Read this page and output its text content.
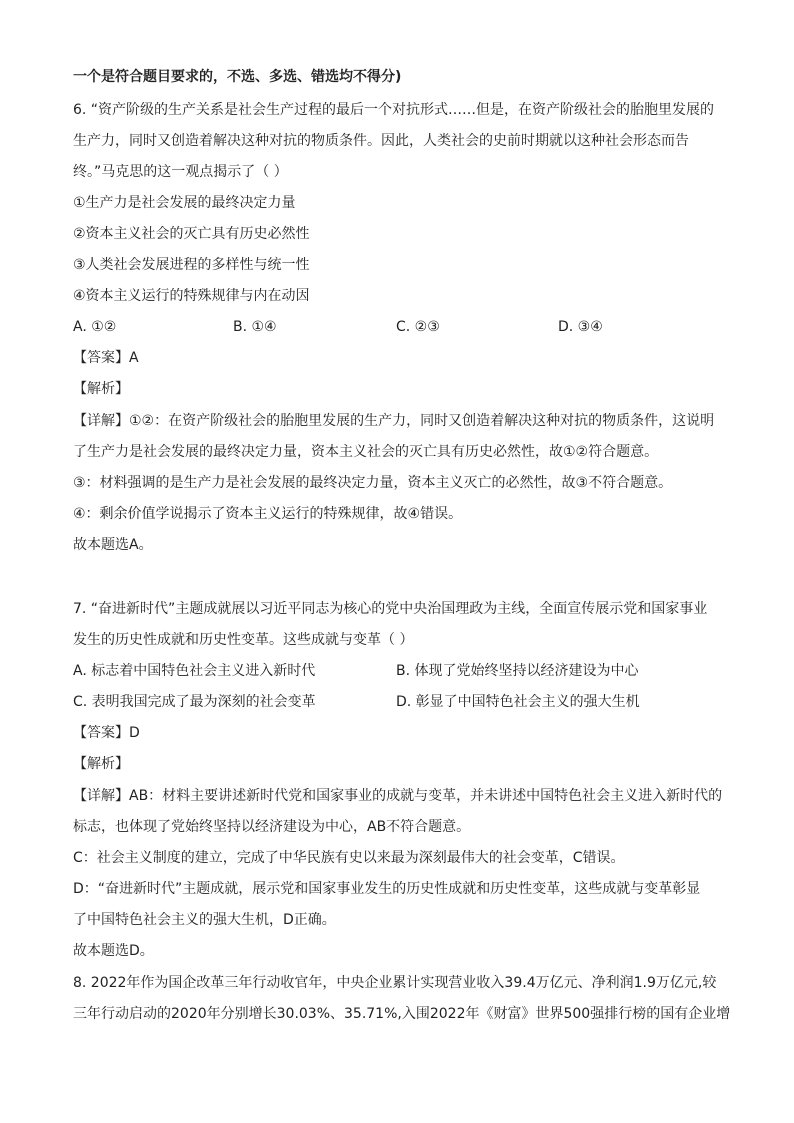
一个是符合题目要求的，不选、多选、错选均不得分)
6. “资产阶级的生产关系是社会生产过程的最后一个对抗形式……但是，在资产阶级社会的胎胞里发展的
生产力，同时又创造着解决这种对抗的物质条件。因此，人类社会的史前时期就以这种社会形态而告
终。”马克思的这一观点揭示了（ ）
①生产力是社会发展的最终决定力量
②资本主义社会的灭亡具有历史必然性
③人类社会发展进程的多样性与统一性
④资本主义运行的特殊规律与内在动因
A. ①②	B. ①④	C. ②③	D. ③④
【答案】A
【解析】
【详解】①②：在资产阶级社会的胎胞里发展的生产力，同时又创造着解决这种对抗的物质条件，这说明
了生产力是社会发展的最终决定力量，资本主义社会的灭亡具有历史必然性，故①②符合题意。
③：材料强调的是生产力是社会发展的最终决定力量，资本主义灭亡的必然性，故③不符合题意。
④：剩余价值学说揭示了资本主义运行的特殊规律，故④错误。
故本题选A。
7. “奋进新时代”主题成就展以习近平同志为核心的党中央治国理政为主线，全面宣传展示党和国家事业
发生的历史性成就和历史性变革。这些成就与变革（ ）
A. 标志着中国特色社会主义进入新时代	B. 体现了党始终坚持以经济建设为中心
C. 表明我国完成了最为深刻的社会变革	D. 彰显了中国特色社会主义的强大生机
【答案】D
【解析】
【详解】AB：材料主要讲述新时代党和国家事业的成就与变革，并未讲述中国特色社会主义进入新时代的
标志，也体现了党始终坚持以经济建设为中心，AB不符合题意。
C：社会主义制度的建立，完成了中华民族有史以来最为深刻最伟大的社会变革，C错误。
D：“奋进新时代”主题成就，展示党和国家事业发生的历史性成就和历史性变革，这些成就与变革彰显
了中国特色社会主义的强大生机，D正确。
故本题选D。
8. 2022年作为国企改革三年行动收官年，中央企业累计实现营业收入39.4万亿元、净利润1.9万亿元,较
三年行动启动的2020年分别增长30.03%、35.71%,入围2022年《财富》世界500强排行榜的国有企业增
